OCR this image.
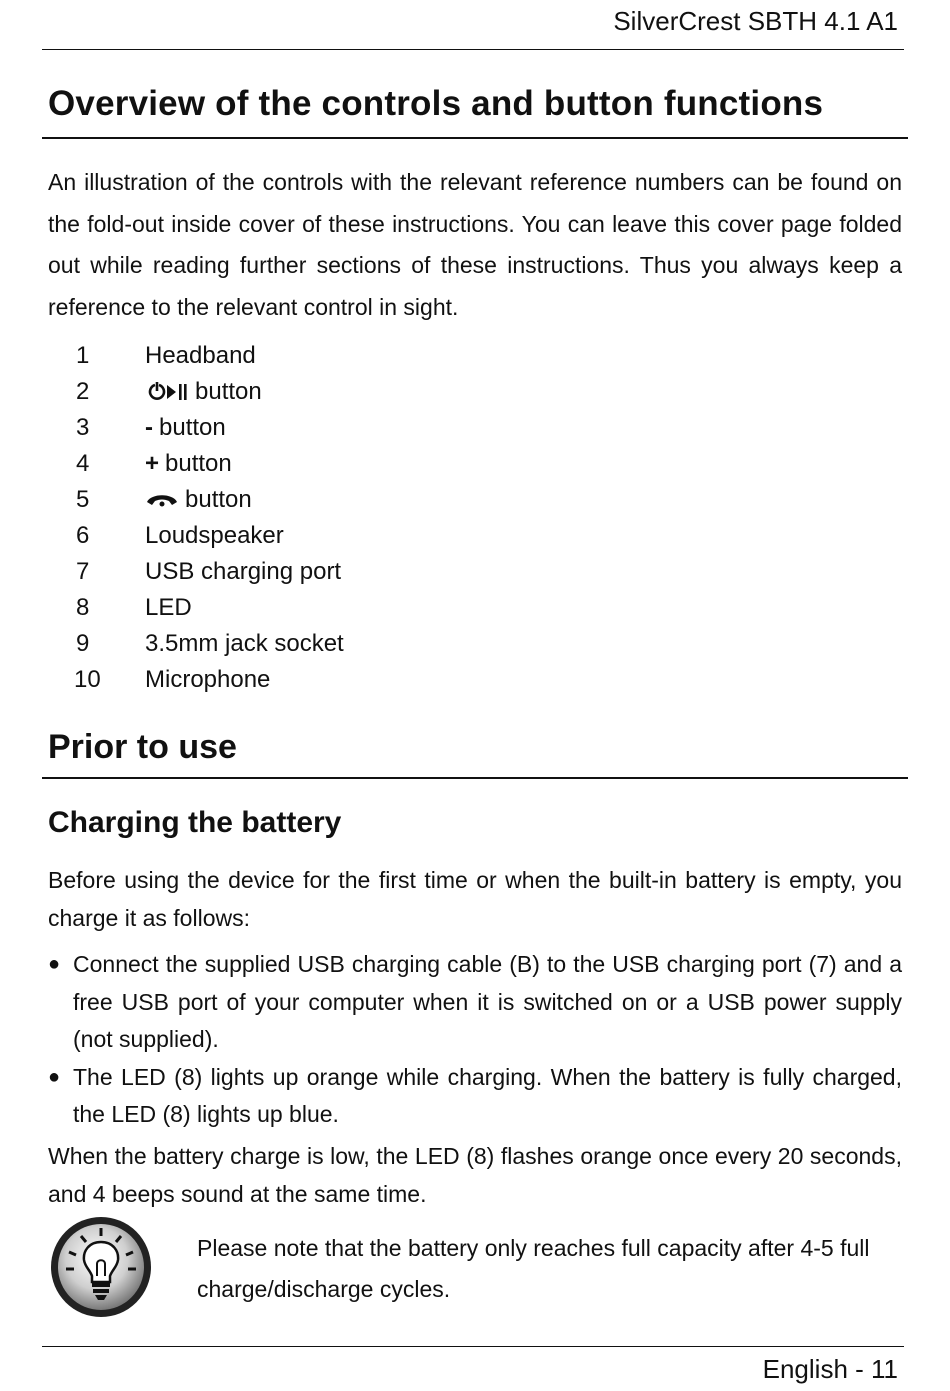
SilverCrest SBTH 4.1 A1
Overview of the controls and button functions

An illustration of the controls with the relevant reference numbers can be found on the fold-out inside cover of these instructions. You can leave this cover page folded out while reading further sections of these instructions. Thus you always keep a reference to the relevant control in sight.

1	Headband
2	button
3	- button
4	+ button
5	button
6	Loudspeaker
7	USB charging port
8	LED
9	3.5mm jack socket
10	Microphone
Prior to use
Charging the battery

Before using the device for the first time or when the built-in battery is empty, you charge it as follows:

● Connect the supplied USB charging cable (B) to the USB charging port (7) and a free USB port of your computer when it is switched on or a USB power supply (not supplied).
● The LED (8) lights up orange while charging. When the battery is fully charged, the LED (8) lights up blue.

When the battery charge is low, the LED (8) flashes orange once every 20 seconds, and 4 beeps sound at the same time.

Please note that the battery only reaches full capacity after 4-5 full charge/discharge cycles.

English - 11
